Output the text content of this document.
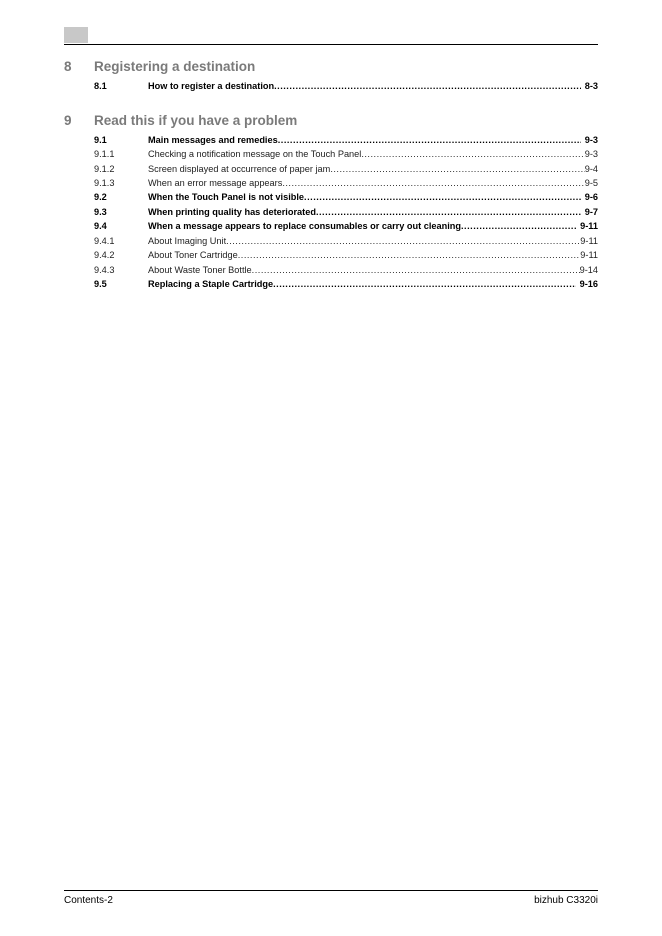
8 Registering a destination
8.1	How to register a destination .....	8-3
9 Read this if you have a problem
9.1	Main messages and remedies .....	9-3
9.1.1	Checking a notification message on the Touch Panel .....	9-3
9.1.2	Screen displayed at occurrence of paper jam .....	9-4
9.1.3	When an error message appears .....	9-5
9.2	When the Touch Panel is not visible .....	9-6
9.3	When printing quality has deteriorated .....	9-7
9.4	When a message appears to replace consumables or carry out cleaning .....	9-11
9.4.1	About Imaging Unit .....	9-11
9.4.2	About Toner Cartridge .....	9-11
9.4.3	About Waste Toner Bottle .....	9-14
9.5	Replacing a Staple Cartridge .....	9-16
Contents-2	bizhub C3320i
